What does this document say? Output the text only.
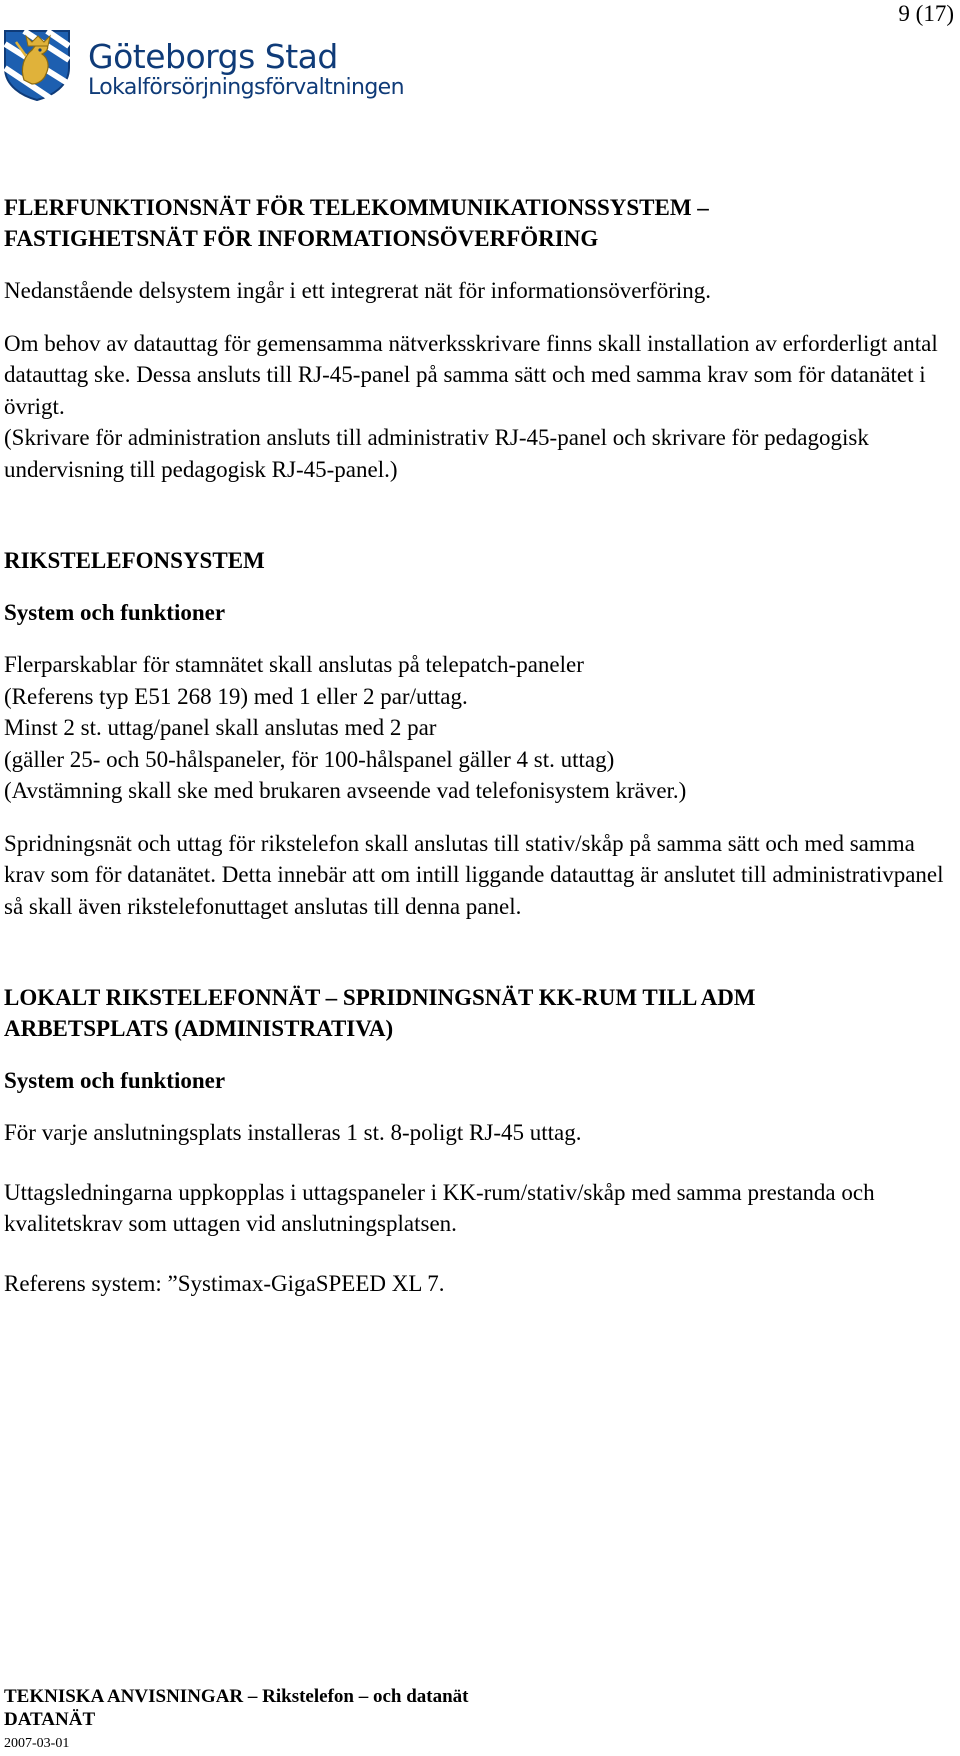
9 (17)
Göteborgs Stad
Lokalförsörjningsförvaltningen
FLERFUNKTIONSNÄT FÖR TELEKOMMUNIKATIONSSYSTEM –
FASTIGHETSNÄT FÖR INFORMATIONSÖVERFÖRING

Nedanstående delsystem ingår i ett integrerat nät för informationsöverföring.

Om behov av datauttag för gemensamma nätverksskrivare finns skall installation av erforderligt antal datauttag ske. Dessa ansluts till RJ-45-panel på samma sätt och med samma krav som för datanätet i övrigt.

(Skrivare för administration ansluts till administrativ RJ-45-panel och skrivare för pedagogisk undervisning till pedagogisk RJ-45-panel.)

RIKSTELEFONSYSTEM
System och funktioner

Flerparskablar för stamnätet skall anslutas på telepatch-paneler
(Referens typ E51 268 19) med 1 eller 2 par/uttag.
Minst 2 st. uttag/panel skall anslutas med 2 par
(gäller 25- och 50-hålspaneler, för 100-hålspanel gäller 4 st. uttag)
(Avstämning skall ske med brukaren avseende vad telefonisystem kräver.)

Spridningsnät och uttag för rikstelefon skall anslutas till stativ/skåp på samma sätt och med samma krav som för datanätet. Detta innebär att om intill liggande datauttag är anslutet till administrativpanel så skall även rikstelefonuttaget anslutas till denna panel.

LOKALT RIKSTELEFONNÄT – SPRIDNINGSNÄT KK-RUM TILL ADM
ARBETSPLATS (ADMINISTRATIVA)
System och funktioner

För varje anslutningsplats installeras 1 st. 8-poligt RJ-45 uttag.

Uttagsledningarna uppkopplas i uttagspaneler i KK-rum/stativ/skåp med samma prestanda och kvalitetskrav som uttagen vid anslutningsplatsen.

Referens system: ”Systimax-GigaSPEED XL 7.

TEKNISKA ANVISNINGAR – Rikstelefon – och datanät
DATANÄT
2007-03-01
